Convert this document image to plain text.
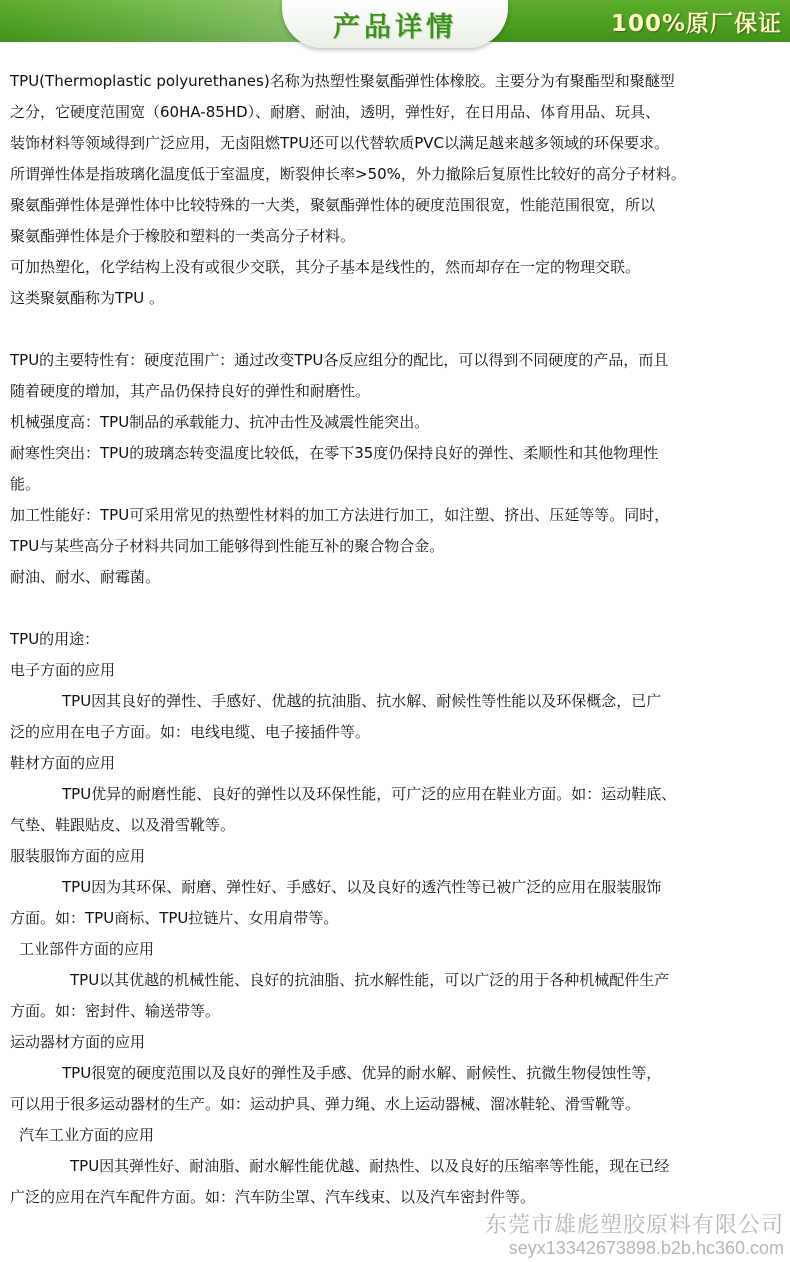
100%原厂保证
产品详情

TPU(Thermoplastic polyurethanes)名称为热塑性聚氨酯弹性体橡胶。主要分为有聚酯型和聚醚型

之分，它硬度范围宽（60HA-85HD）、耐磨、耐油，透明，弹性好，在日用品、体育用品、玩具、

装饰材料等领域得到广泛应用，无卤阻燃TPU还可以代替软质PVC以满足越来越多领域的环保要求。

所谓弹性体是指玻璃化温度低于室温度，断裂伸长率>50%，外力撤除后复原性比较好的高分子材料。

聚氨酯弹性体是弹性体中比较特殊的一大类，聚氨酯弹性体的硬度范围很宽，性能范围很宽，所以

聚氨酯弹性体是介于橡胶和塑料的一类高分子材料。

可加热塑化，化学结构上没有或很少交联，其分子基本是线性的，然而却存在一定的物理交联。

这类聚氨酯称为TPU 。

TPU的主要特性有：硬度范围广：通过改变TPU各反应组分的配比，可以得到不同硬度的产品，而且

随着硬度的增加，其产品仍保持良好的弹性和耐磨性。

机械强度高：TPU制品的承载能力、抗冲击性及减震性能突出。

耐寒性突出：TPU的玻璃态转变温度比较低，在零下35度仍保持良好的弹性、柔顺性和其他物理性

能。

加工性能好：TPU可采用常见的热塑性材料的加工方法进行加工，如注塑、挤出、压延等等。同时，

TPU与某些高分子材料共同加工能够得到性能互补的聚合物合金。

耐油、耐水、耐霉菌。

TPU的用途：

电子方面的应用

TPU因其良好的弹性、手感好、优越的抗油脂、抗水解、耐候性等性能以及环保概念，已广

泛的应用在电子方面。如：电线电缆、电子接插件等。

鞋材方面的应用

TPU优异的耐磨性能、良好的弹性以及环保性能，可广泛的应用在鞋业方面。如：运动鞋底、

气垫、鞋跟贴皮、以及滑雪靴等。

服装服饰方面的应用

TPU因为其环保、耐磨、弹性好、手感好、以及良好的透汽性等已被广泛的应用在服装服饰

方面。如：TPU商标、TPU拉链片、女用肩带等。

工业部件方面的应用

TPU以其优越的机械性能、良好的抗油脂、抗水解性能，可以广泛的用于各种机械配件生产

方面。如：密封件、输送带等。

运动器材方面的应用

TPU很宽的硬度范围以及良好的弹性及手感、优异的耐水解、耐候性、抗微生物侵蚀性等，

可以用于很多运动器材的生产。如：运动护具、弹力绳、水上运动器械、溜冰鞋轮、滑雪靴等。

汽车工业方面的应用

TPU因其弹性好、耐油脂、耐水解性能优越、耐热性、以及良好的压缩率等性能，现在已经

广泛的应用在汽车配件方面。如：汽车防尘罩、汽车线束、以及汽车密封件等。

东莞市雄彪塑胶原料有限公司
seyx13342673898.b2b.hc360.com
